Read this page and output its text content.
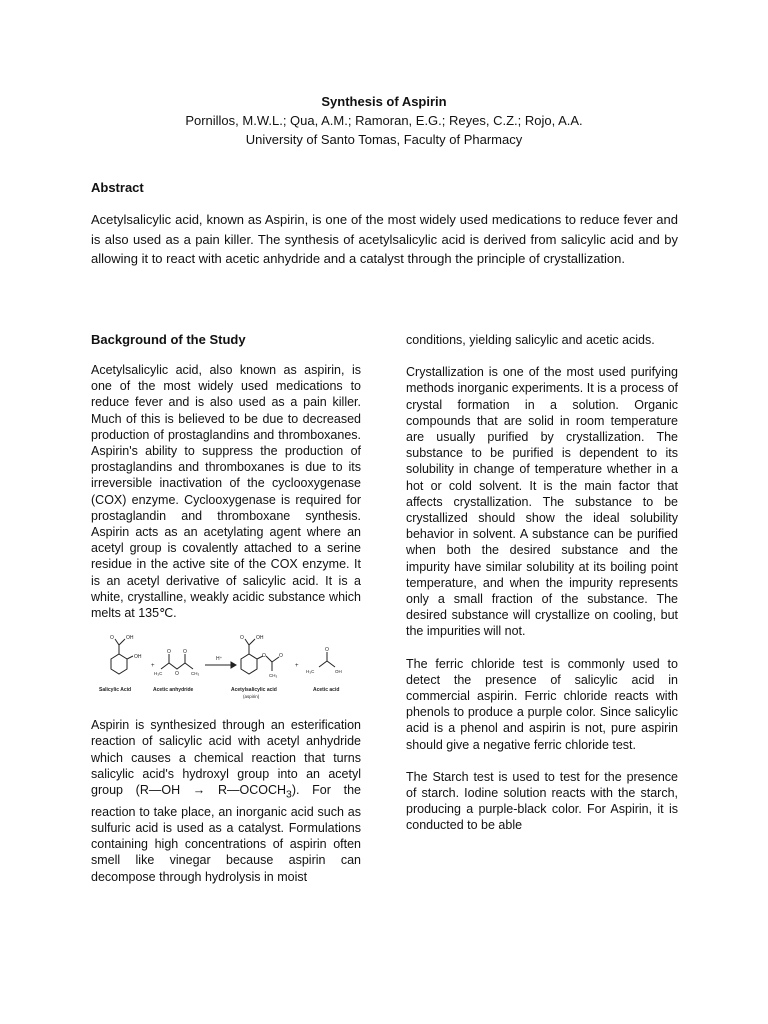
Synthesis of Aspirin
Pornillos, M.W.L.; Qua, A.M.; Ramoran, E.G.; Reyes, C.Z.; Rojo, A.A.
University of Santo Tomas, Faculty of Pharmacy
Abstract
Acetylsalicylic acid, known as Aspirin, is one of the most widely used medications to reduce fever and is also used as a pain killer. The synthesis of acetylsalicylic acid is derived from salicylic acid and by allowing it to react with acetic anhydride and a catalyst through the principle of crystallization.
Background of the Study

Acetylsalicylic acid, also known as aspirin, is one of the most widely used medications to reduce fever and is also used as a pain killer. Much of this is believed to be due to decreased production of prostaglandins and thromboxanes. Aspirin's ability to suppress the production of prostaglandins and thromboxanes is due to its irreversible inactivation of the cyclooxygenase (COX) enzyme. Cyclooxygenase is required for prostaglandin and thromboxane synthesis. Aspirin acts as an acetylating agent where an acetyl group is covalently attached to a serine residue in the active site of the COX enzyme. It is an acetyl derivative of salicylic acid. It is a white, crystalline, weakly acidic substance which melts at 135℃.

O OH
OH
+
O O
O
H₃C	CH₃
H⁺
O OH
O	O
CH₃
+
O
H₃C	OH
Salicylic Acid	Acetic anhydride	Acetylsalicylic acid
(aspirin)
Acetic acid

Aspirin is synthesized through an esterification reaction of salicylic acid with acetyl anhydride which causes a chemical reaction that turns salicylic acid's hydroxyl group into an acetyl group (R—OH → $R—OCOCH_3$). For the reaction to take place, an inorganic acid such as sulfuric acid is used as a catalyst. Formulations containing high concentrations of aspirin often smell like vinegar because aspirin can decompose through hydrolysis in moist

conditions, yielding salicylic and acetic acids.

Crystallization is one of the most used purifying methods inorganic experiments. It is a process of crystal formation in a solution. Organic compounds that are solid in room temperature are usually purified by crystallization. The substance to be purified is dependent to its solubility in change of temperature whether in a hot or cold solvent. It is the main factor that affects crystallization. The substance to be crystallized should show the ideal solubility behavior in solvent. A substance can be purified when both the desired substance and the impurity have similar solubility at its boiling point temperature, and when the impurity represents only a small fraction of the substance. The desired substance will crystallize on cooling, but the impurities will not.

The ferric chloride test is commonly used to detect the presence of salicylic acid in commercial aspirin. Ferric chloride reacts with phenols to produce a purple color. Since salicylic acid is a phenol and aspirin is not, pure aspirin should give a negative ferric chloride test.

The Starch test is used to test for the presence of starch. Iodine solution reacts with the starch, producing a purple-black color. For Aspirin, it is conducted to be able
